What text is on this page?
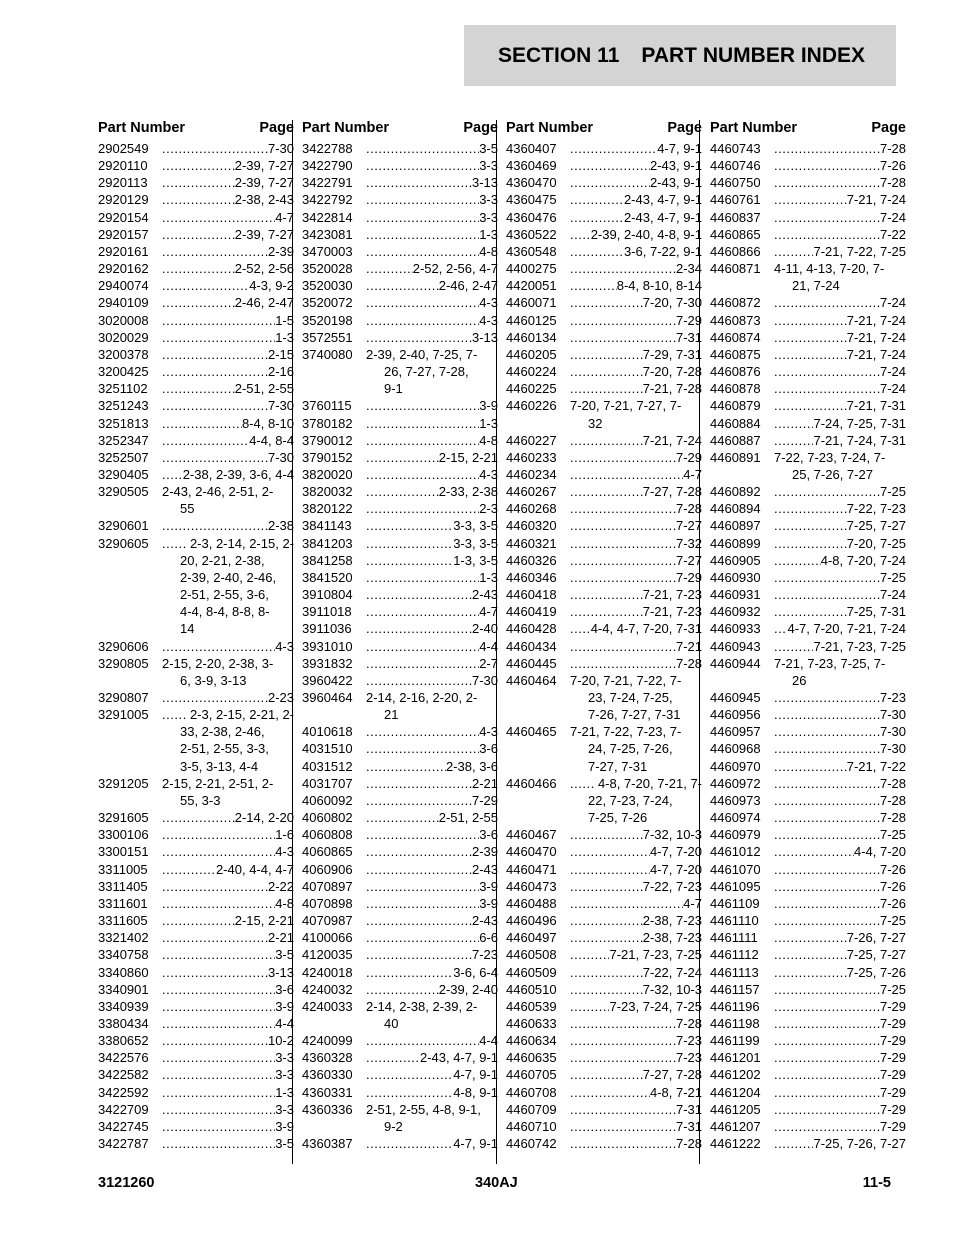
SECTION 11 PART NUMBER INDEX
Part Number	Page
2902549 .....	7-30
2920110 .....	2-39, 7-27
2920113 .....	2-39, 7-27
2920129 .....	2-38, 2-43
2920154 .....	4-7
2920157 .....	2-39, 7-27
2920161 .....	2-39
2920162 .....	2-52, 2-56
2940074 .....	4-3, 9-2
2940109 .....	2-46, 2-47
3020008 .....	1-5
3020029 .....	1-3
3200378 .....	2-15
3200425 .....	2-16
3251102 .....	2-51, 2-55
3251243 .....	7-30
3251813 .....	8-4, 8-10
3252347 .....	4-4, 8-4
3252507 .....	7-30
3290405 .....	2-38, 2-39, 3-6, 4-4
3290505	2-43, 2-46, 2-51, 2-
55
3290601 .....	2-38
3290605 .....	. 2-3, 2-14, 2-15, 2-
20, 2-21, 2-38,
2-39, 2-40, 2-46,
2-51, 2-55, 3-6,
4-4, 8-4, 8-8, 8-
14
3290606 .....	4-3
3290805	2-15, 2-20, 2-38, 3-
6, 3-9, 3-13
3290807 .....	2-23
3291005 .....	. 2-3, 2-15, 2-21, 2-
33, 2-38, 2-46,
2-51, 2-55, 3-3,
3-5, 3-13, 4-4
3291205	2-15, 2-21, 2-51, 2-
55, 3-3
3291605 .....	2-14, 2-20
3300106 .....	1-6
3300151 .....	4-3
3311005 .....	2-40, 4-4, 4-7
3311405 .....	2-22
3311601 .....	4-8
3311605 .....	2-15, 2-21
3321402 .....	2-21
3340758 .....	3-5
3340860 .....	3-13
3340901 .....	3-6
3340939 .....	3-9
3380434 .....	4-4
3380652 .....	10-2
3422576 .....	3-3
3422582 .....	3-3
3422592 .....	1-3
3422709 .....	3-3
3422745 .....	3-9
3422787 .....	3-5
Part Number	Page
3422788 .....	3-5
3422790 .....	3-3
3422791 .....	3-13
3422792 .....	3-3
3422814 .....	3-3
3423081 .....	1-3
3470003 .....	4-8
3520028 .....	2-52, 2-56, 4-7
3520030 .....	2-46, 2-47
3520072 .....	4-3
3520198 .....	4-3
3572551 .....	3-13
3740080	2-39, 2-40, 7-25, 7-
26, 7-27, 7-28,
9-1
3760115 .....	3-9
3780182 .....	1-3
3790012 .....	4-8
3790152 .....	2-15, 2-21
3820020 .....	4-3
3820032 .....	2-33, 2-38
3820122 .....	2-3
3841143 .....	3-3, 3-5
3841203 .....	3-3, 3-5
3841258 .....	1-3, 3-5
3841520 .....	1-3
3910804 .....	2-43
3911018 .....	4-7
3911036 .....	2-40
3931010 .....	4-4
3931832 .....	2-7
3960422 .....	7-30
3960464	2-14, 2-16, 2-20, 2-
21
4010618 .....	4-3
4031510 .....	3-6
4031512 .....	2-38, 3-6
4031707 .....	2-21
4060092 .....	7-29
4060802 .....	2-51, 2-55
4060808 .....	3-6
4060865 .....	2-39
4060906 .....	2-43
4070897 .....	3-9
4070898 .....	3-9
4070987 .....	2-43
4100066 .....	6-6
4120035 .....	7-23
4240018 .....	3-6, 6-4
4240032 .....	2-39, 2-40
4240033	2-14, 2-38, 2-39, 2-
40
4240099 .....	4-4
4360328 .....	2-43, 4-7, 9-1
4360330 .....	4-7, 9-1
4360331 .....	4-8, 9-1
4360336	2-51, 2-55, 4-8, 9-1,
9-2
4360387 .....	4-7, 9-1
Part Number	Page
4360407 .....	4-7, 9-1
4360469 .....	2-43, 9-1
4360470 .....	2-43, 9-1
4360475 .....	2-43, 4-7, 9-1
4360476 .....	2-43, 4-7, 9-1
4360522 .....	2-39, 2-40, 4-8, 9-1
4360548 .....	3-6, 7-22, 9-1
4400275 .....	2-34
4420051 .....	8-4, 8-10, 8-14
4460071 .....	7-20, 7-30
4460125 .....	7-29
4460134 .....	7-31
4460205 .....	7-29, 7-31
4460224 .....	7-20, 7-28
4460225 .....	7-21, 7-28
4460226	7-20, 7-21, 7-27, 7-
32
4460227 .....	7-21, 7-24
4460233 .....	7-29
4460234 .....	4-7
4460267 .....	7-27, 7-28
4460268 .....	7-28
4460320 .....	7-27
4460321 .....	7-32
4460326 .....	7-27
4460346 .....	7-29
4460418 .....	7-21, 7-23
4460419 .....	7-21, 7-23
4460428 .....	4-4, 4-7, 7-20, 7-31
4460434 .....	7-21
4460445 .....	7-28
4460464	7-20, 7-21, 7-22, 7-
23, 7-24, 7-25,
7-26, 7-27, 7-31
4460465	7-21, 7-22, 7-23, 7-
24, 7-25, 7-26,
7-27, 7-31
4460466 .....	. 4-8, 7-20, 7-21, 7-
22, 7-23, 7-24,
7-25, 7-26
4460467 .....	7-32, 10-3
4460470 .....	4-7, 7-20
4460471 .....	4-7, 7-20
4460473 .....	7-22, 7-23
4460488 .....	4-7
4460496 .....	2-38, 7-23
4460497 .....	2-38, 7-23
4460508 .....	7-21, 7-23, 7-25
4460509 .....	7-22, 7-24
4460510 .....	7-32, 10-3
4460539 .....	7-23, 7-24, 7-25
4460633 .....	7-28
4460634 .....	7-23
4460635 .....	7-23
4460705 .....	7-27, 7-28
4460708 .....	4-8, 7-21
4460709 .....	7-31
4460710 .....	7-31
4460742 .....	7-28
Part Number	Page
4460743 .....	7-28
4460746 .....	7-26
4460750 .....	7-28
4460761 .....	7-21, 7-24
4460837 .....	7-24
4460865 .....	7-22
4460866 .....	7-21, 7-22, 7-25
4460871	4-11, 4-13, 7-20, 7-
21, 7-24
4460872 .....	7-24
4460873 .....	7-21, 7-24
4460874 .....	7-21, 7-24
4460875 .....	7-21, 7-24
4460876 .....	7-24
4460878 .....	7-24
4460879 .....	7-21, 7-31
4460884 .....	7-24, 7-25, 7-31
4460887 .....	7-21, 7-24, 7-31
4460891	7-22, 7-23, 7-24, 7-
25, 7-26, 7-27
4460892 .....	7-25
4460894 .....	7-22, 7-23
4460897 .....	7-25, 7-27
4460899 .....	7-20, 7-25
4460905 .....	4-8, 7-20, 7-24
4460930 .....	7-25
4460931 .....	7-24
4460932 .....	7-25, 7-31
4460933 .....	4-7, 7-20, 7-21, 7-24
4460943 .....	7-21, 7-23, 7-25
4460944	7-21, 7-23, 7-25, 7-
26
4460945 .....	7-23
4460956 .....	7-30
4460957 .....	7-30
4460968 .....	7-30
4460970 .....	7-21, 7-22
4460972 .....	7-28
4460973 .....	7-28
4460974 .....	7-28
4460979 .....	7-25
4461012 .....	4-4, 7-20
4461070 .....	7-26
4461095 .....	7-26
4461109 .....	7-26
4461110 .....	7-25
4461111 .....	7-26, 7-27
4461112 .....	7-25, 7-27
4461113 .....	7-25, 7-26
4461157 .....	7-25
4461196 .....	7-29
4461198 .....	7-29
4461199 .....	7-29
4461201 .....	7-29
4461202 .....	7-29
4461204 .....	7-29
4461205 .....	7-29
4461207 .....	7-29
4461222 .....	7-25, 7-26, 7-27
3121260	340AJ	11-5
